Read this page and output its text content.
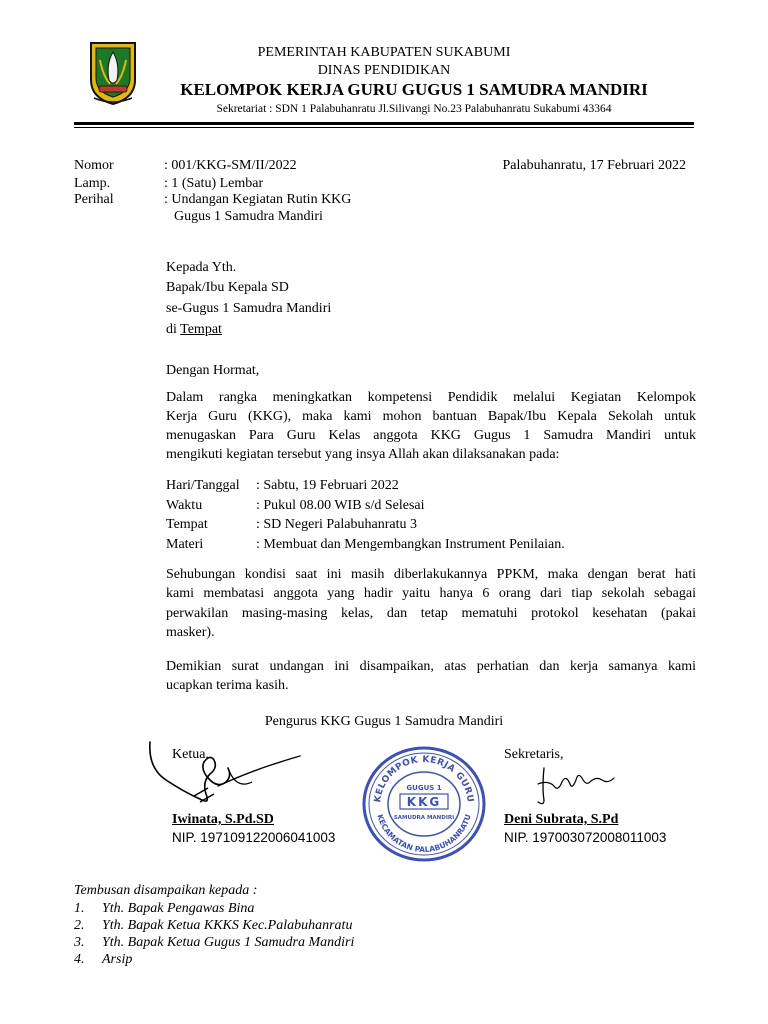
PEMERINTAH KABUPATEN SUKABUMI
DINAS PENDIDIKAN
KELOMPOK KERJA GURU GUGUS 1 SAMUDRA MANDIRI
Sekretariat : SDN 1 Palabuhanratu Jl.Silivangi No.23 Palabuhanratu Sukabumi 43364
Nomor	: 001/KKG-SM/II/2022	Palabuhanratu, 17 Februari 2022
Lamp.	: 1 (Satu) Lembar
Perihal	: Undangan Kegiatan Rutin KKG
Gugus 1 Samudra Mandiri
Kepada Yth.
Bapak/Ibu Kepala SD
se-Gugus 1 Samudra Mandiri
di Tempat
Dengan Hormat,
Dalam rangka meningkatkan kompetensi Pendidik melalui Kegiatan Kelompok
Kerja Guru (KKG), maka kami mohon bantuan Bapak/Ibu Kepala Sekolah untuk
menugaskan Para Guru Kelas anggota KKG Gugus 1 Samudra Mandiri untuk
mengikuti kegiatan tersebut yang insya Allah akan dilaksanakan pada:
Hari/Tanggal : Sabtu, 19 Februari 2022
Waktu	: Pukul 08.00 WIB s/d Selesai
Tempat	: SD Negeri Palabuhanratu 3
Materi	: Membuat dan Mengembangkan Instrument Penilaian.
Sehubungan kondisi saat ini masih diberlakukannya PPKM, maka dengan berat hati
kami membatasi anggota yang hadir yaitu hanya 6 orang dari tiap sekolah sebagai
perwakilan masing-masing kelas, dan tetap mematuhi protokol kesehatan (pakai
masker).
Demikian surat undangan ini disampaikan, atas perhatian dan kerja samanya kami
ucapkan terima kasih.
Pengurus KKG Gugus 1 Samudra Mandiri
Ketua,	Sekretaris,
KELOMPOK KERJA GURU
KECAMATAN PALABUHANRATU
GUGUS 1
KKG
SAMUDRA MANDIRI
Iwinata, S.Pd.SD
NIP. 197109122006041003
Deni Subrata, S.Pd
NIP. 197003072008011003
Tembusan disampaikan kepada :
1. Yth. Bapak Pengawas Bina
2. Yth. Bapak Ketua KKKS Kec.Palabuhanratu
3. Yth. Bapak Ketua Gugus 1 Samudra Mandiri
4. Arsip
